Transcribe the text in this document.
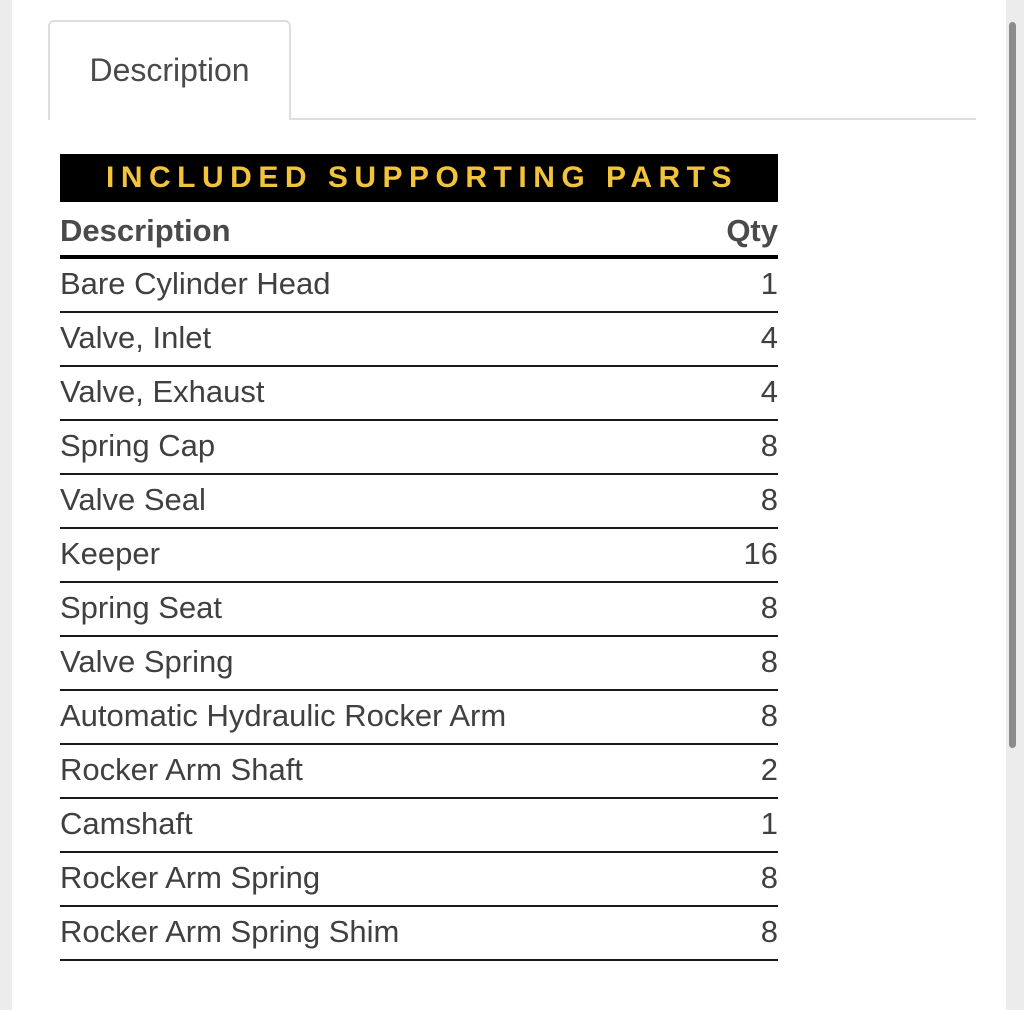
Description
INCLUDED SUPPORTING PARTS
Description	Qty
Bare Cylinder Head	1
Valve, Inlet	4
Valve, Exhaust	4
Spring Cap	8
Valve Seal	8
Keeper	16
Spring Seat	8
Valve Spring	8
Automatic Hydraulic Rocker Arm	8
Rocker Arm Shaft	2
Camshaft	1
Rocker Arm Spring	8
Rocker Arm Spring Shim	8
